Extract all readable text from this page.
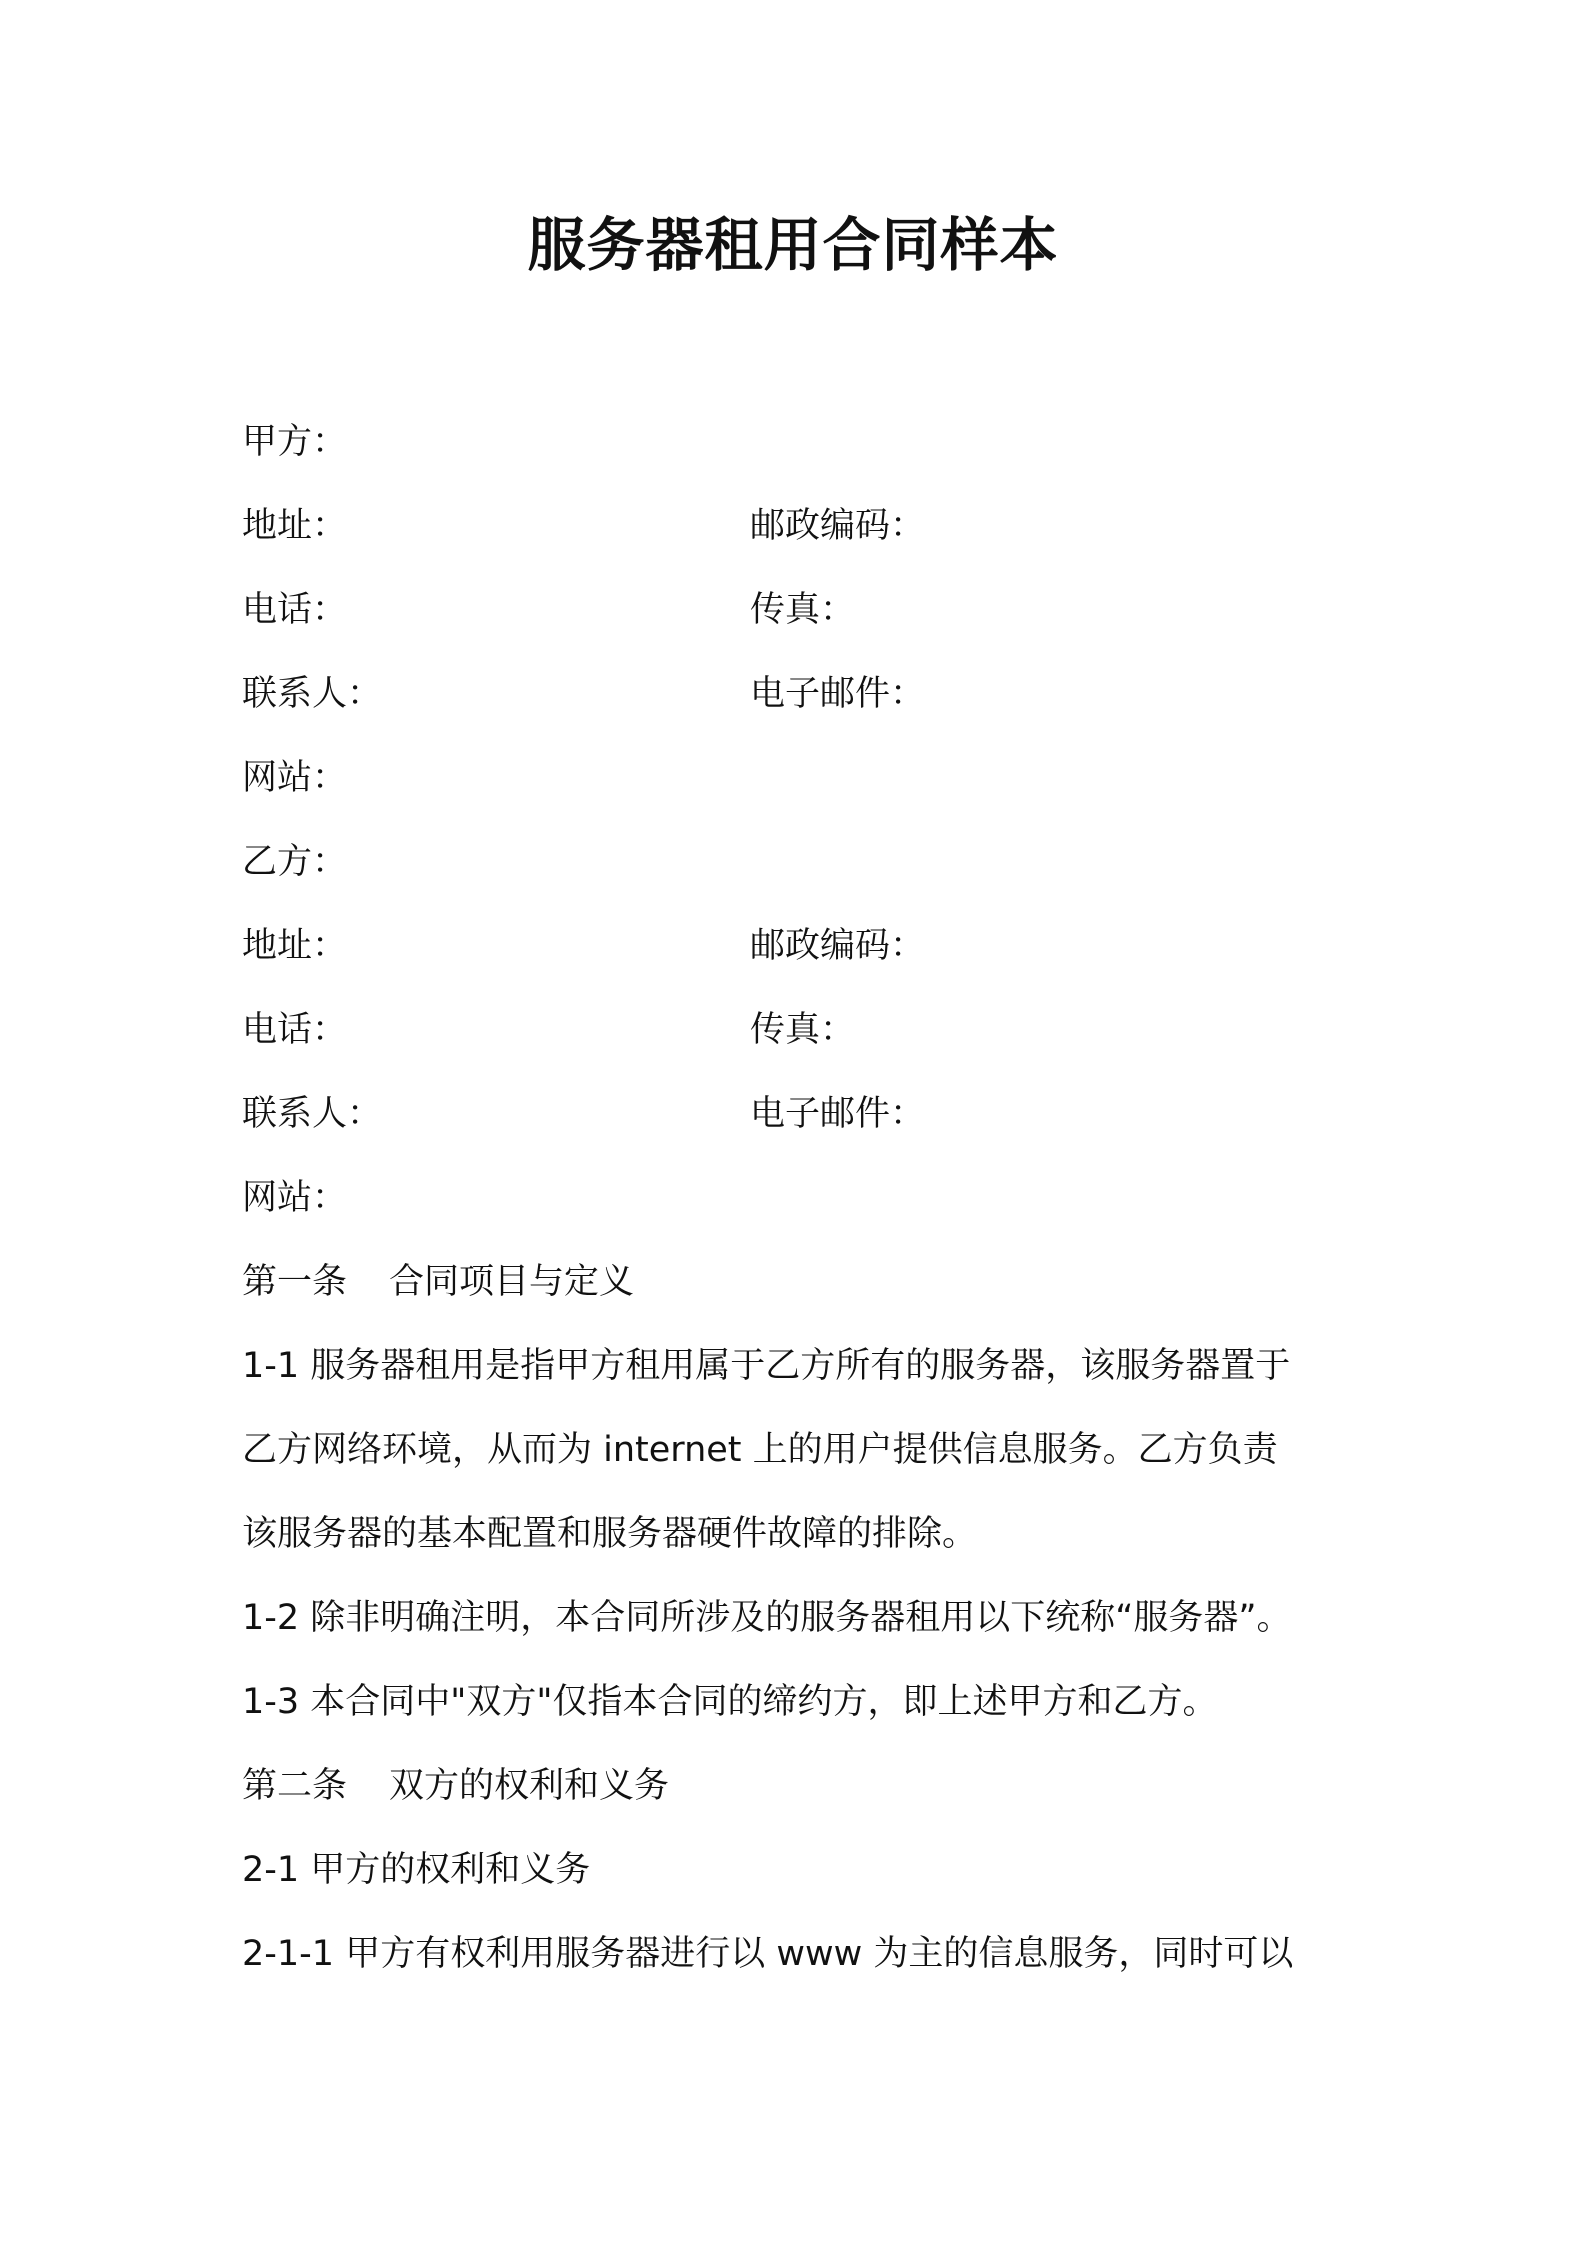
服务器租用合同样本
甲方：
地址：	邮政编码：
电话：	传真：
联系人：	电子邮件：
网站：
乙方：
地址：	邮政编码：
电话：	传真：
联系人：	电子邮件：
网站：
第一条 合同项目与定义
1-1 服务器租用是指甲方租用属于乙方所有的服务器，该服务器置于
乙方网络环境，从而为 internet 上的用户提供信息服务。乙方负责
该服务器的基本配置和服务器硬件故障的排除。
1-2 除非明确注明，本合同所涉及的服务器租用以下统称“服务器”。
1-3 本合同中"双方"仅指本合同的缔约方，即上述甲方和乙方。
第二条 双方的权利和义务
2-1 甲方的权利和义务
2-1-1 甲方有权利用服务器进行以 www 为主的信息服务，同时可以
